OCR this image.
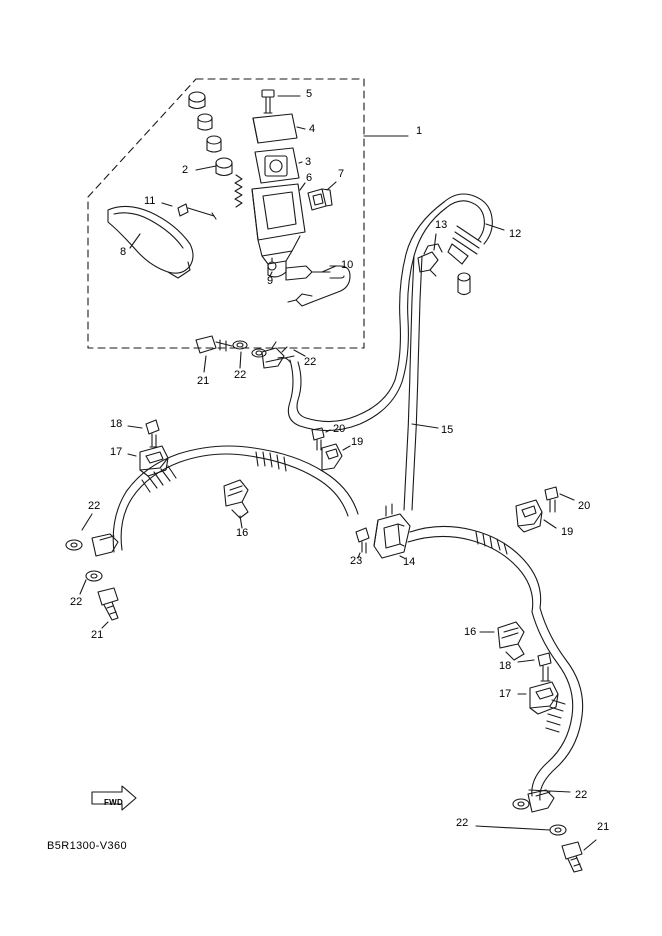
1
5
4
3
2
6 7
11
8
9
10
13
12
21 22
22
15
18
17
20
19
22
16
20
19
22
21
23	14
16
18
17
22
22	21
FWD
B5R1300-V360
